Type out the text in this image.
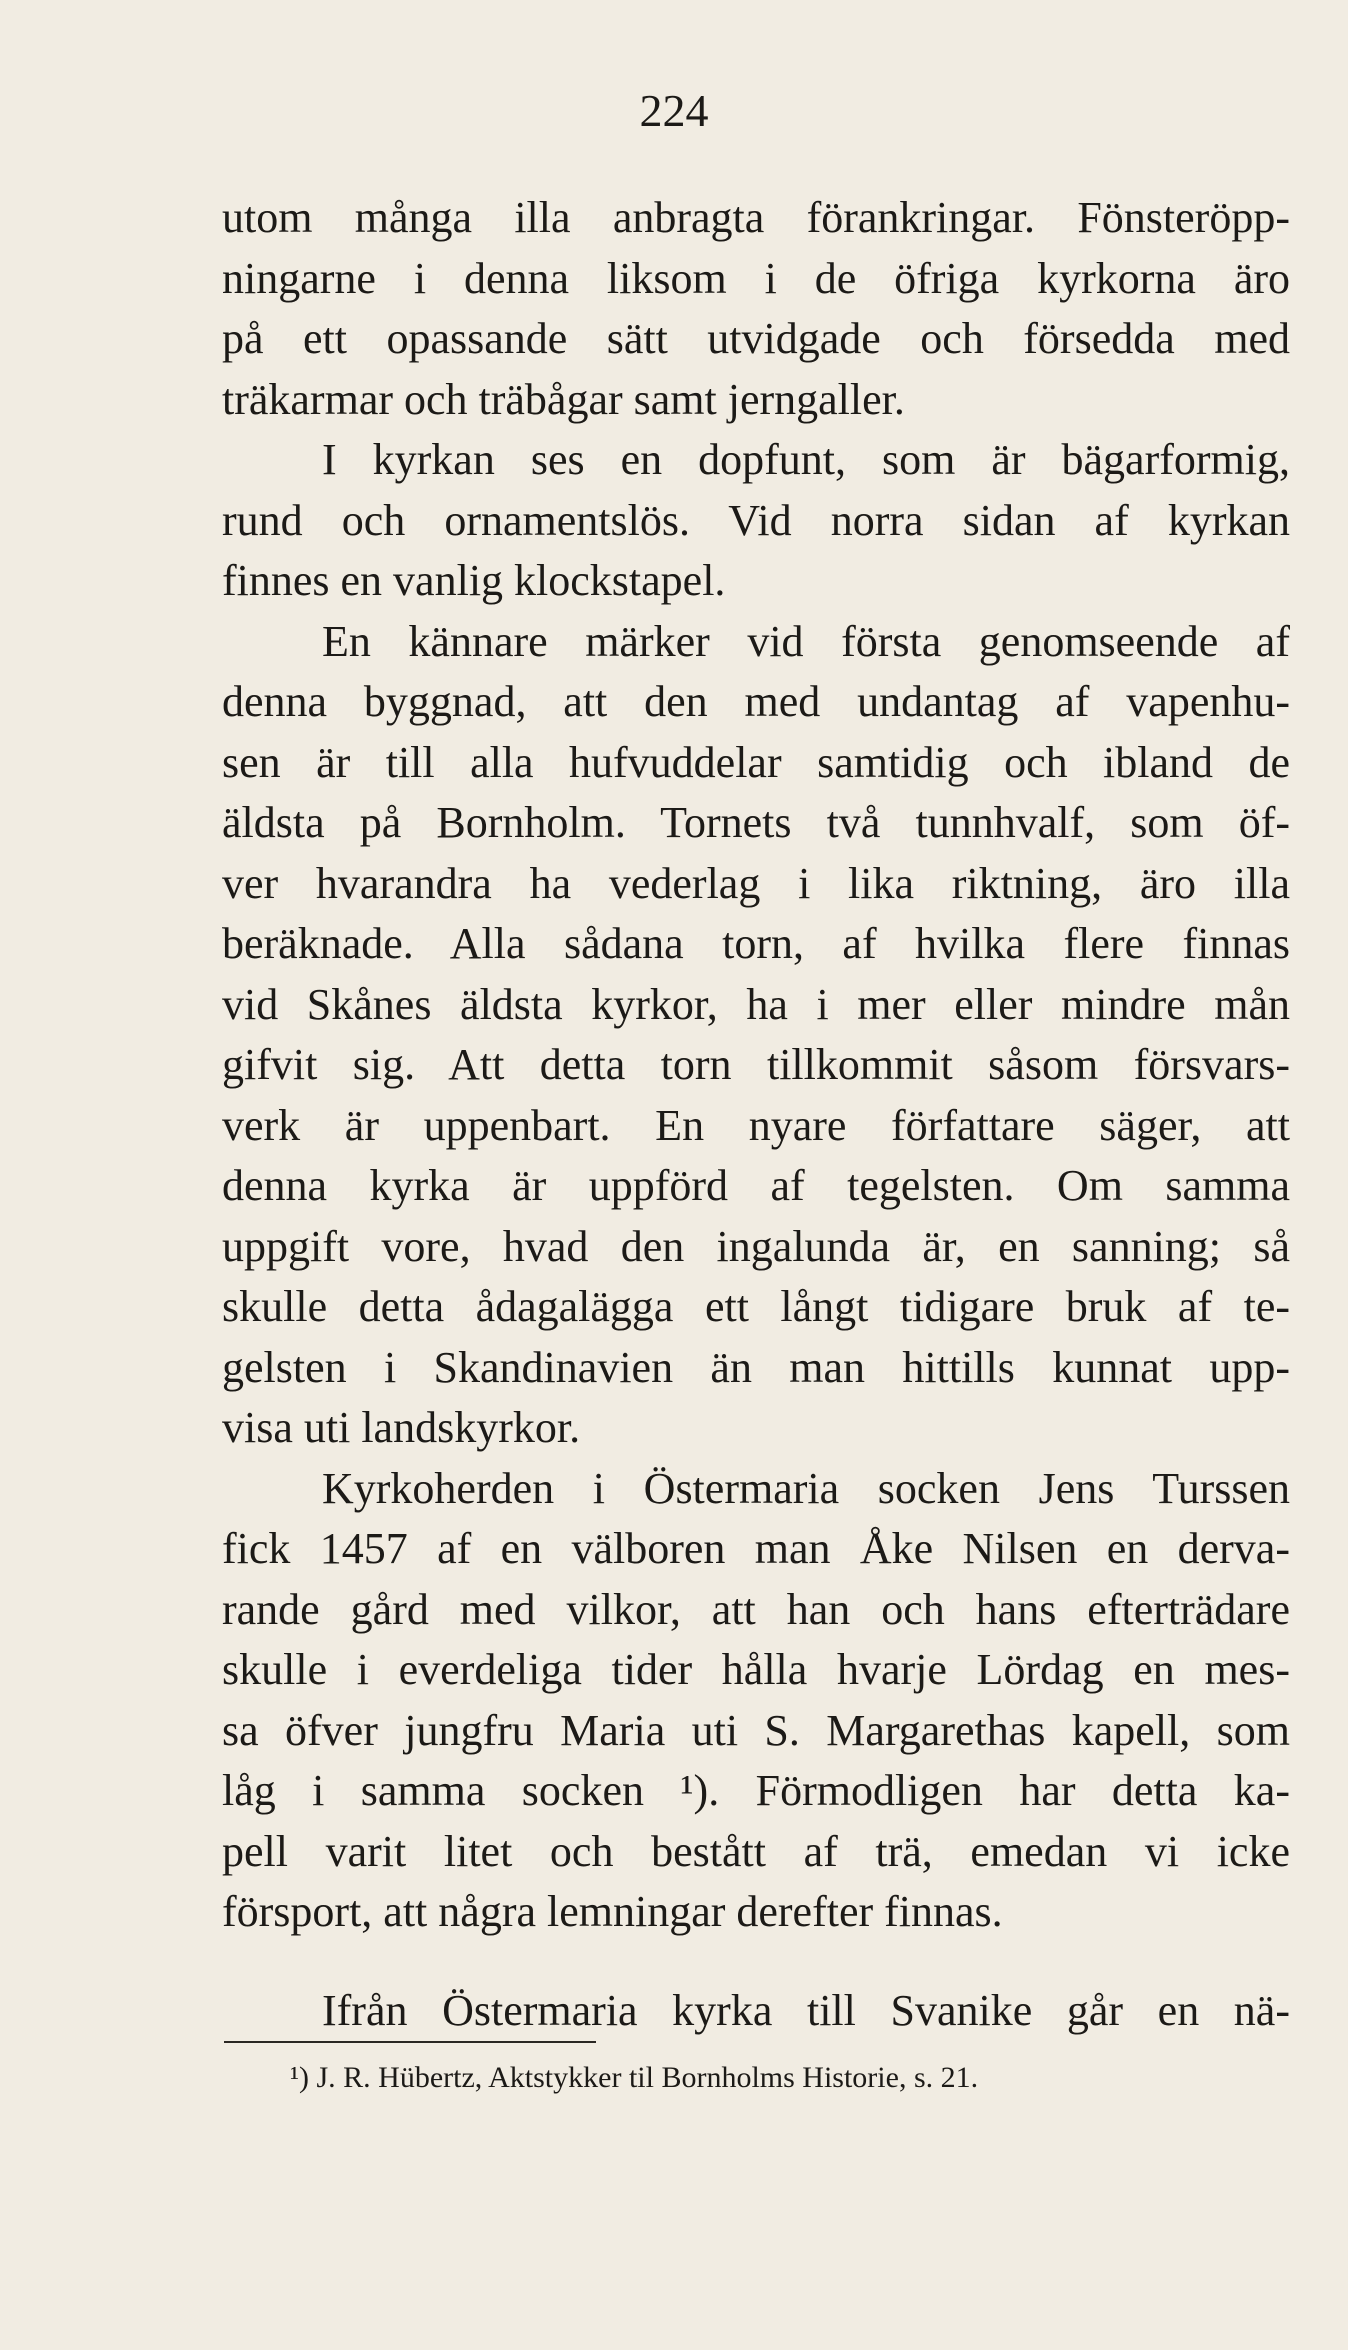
224
utom många illa anbragta förankringar. Fönsteröpp-
ningarne i denna liksom i de öfriga kyrkorna äro
på ett opassande sätt utvidgade och försedda med
träkarmar och träbågar samt jerngaller.
I kyrkan ses en dopfunt, som är bägarformig,
rund och ornamentslös. Vid norra sidan af kyrkan
finnes en vanlig klockstapel.
En kännare märker vid första genomseende af
denna byggnad, att den med undantag af vapenhu-
sen är till alla hufvuddelar samtidig och ibland de
äldsta på Bornholm. Tornets två tunnhvalf, som öf-
ver hvarandra ha vederlag i lika riktning, äro illa
beräknade. Alla sådana torn, af hvilka flere finnas
vid Skånes äldsta kyrkor, ha i mer eller mindre mån
gifvit sig. Att detta torn tillkommit såsom försvars-
verk är uppenbart. En nyare författare säger, att
denna kyrka är uppförd af tegelsten. Om samma
uppgift vore, hvad den ingalunda är, en sanning; så
skulle detta ådagalägga ett långt tidigare bruk af te-
gelsten i Skandinavien än man hittills kunnat upp-
visa uti landskyrkor.
Kyrkoherden i Östermaria socken Jens Turssen
fick 1457 af en välboren man Åke Nilsen en derva-
rande gård med vilkor, att han och hans efterträdare
skulle i everdeliga tider hålla hvarje Lördag en mes-
sa öfver jungfru Maria uti S. Margarethas kapell, som
låg i samma socken ¹). Förmodligen har detta ka-
pell varit litet och bestått af trä, emedan vi icke
försport, att några lemningar derefter finnas.
Ifrån Östermaria kyrka till Svanike går en nä-
¹) J. R. Hübertz, Aktstykker til Bornholms Historie, s. 21.
